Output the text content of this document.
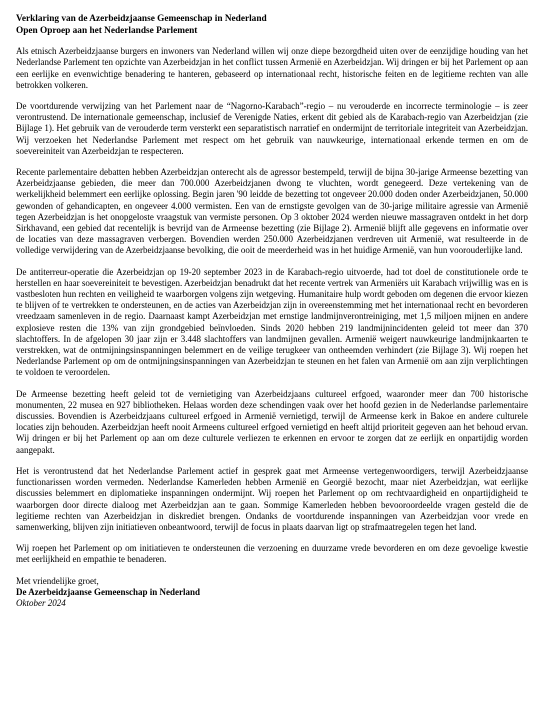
Verklaring van de Azerbeidzjaanse Gemeenschap in Nederland
Open Oproep aan het Nederlandse Parlement

Als etnisch Azerbeidzjaanse burgers en inwoners van Nederland willen wij onze diepe bezorgdheid uiten over de eenzijdige houding van het Nederlandse Parlement ten opzichte van Azerbeidzjan in het conflict tussen Armenië en Azerbeidzjan. Wij dringen er bij het Parlement op aan een eerlijke en evenwichtige benadering te hanteren, gebaseerd op internationaal recht, historische feiten en de legitieme rechten van alle betrokken volkeren.

De voortdurende verwijzing van het Parlement naar de “Nagorno-Karabach”-regio – nu verouderde en incorrecte terminologie – is zeer verontrustend. De internationale gemeenschap, inclusief de Verenigde Naties, erkent dit gebied als de Karabach-regio van Azerbeidzjan (zie Bijlage 1). Het gebruik van de verouderde term versterkt een separatistisch narratief en ondermijnt de territoriale integriteit van Azerbeidzjan. Wij verzoeken het Nederlandse Parlement met respect om het gebruik van nauwkeurige, internationaal erkende termen en om de soevereiniteit van Azerbeidzjan te respecteren.

Recente parlementaire debatten hebben Azerbeidzjan onterecht als de agressor bestempeld, terwijl de bijna 30-jarige Armeense bezetting van Azerbeidzjaanse gebieden, die meer dan 700.000 Azerbeidzjanen dwong te vluchten, wordt genegeerd. Deze vertekening van de werkelijkheid belemmert een eerlijke oplossing. Begin jaren '90 leidde de bezetting tot ongeveer 20.000 doden onder Azerbeidzjanen, 50.000 gewonden of gehandicapten, en ongeveer 4.000 vermisten. Een van de ernstigste gevolgen van de 30-jarige militaire agressie van Armenië tegen Azerbeidzjan is het onopgeloste vraagstuk van vermiste personen. Op 3 oktober 2024 werden nieuwe massagraven ontdekt in het dorp Sirkhavand, een gebied dat recentelijk is bevrijd van de Armeense bezetting (zie Bijlage 2). Armenië blijft alle gegevens en informatie over de locaties van deze massagraven verbergen. Bovendien werden 250.000 Azerbeidzjanen verdreven uit Armenië, wat resulteerde in de volledige verwijdering van de Azerbeidzjaanse bevolking, die ooit de meerderheid was in het huidige Armenië, van hun voorouderlijke land.

De antiterreur-operatie die Azerbeidzjan op 19-20 september 2023 in de Karabach-regio uitvoerde, had tot doel de constitutionele orde te herstellen en haar soevereiniteit te bevestigen. Azerbeidzjan benadrukt dat het recente vertrek van Armeniërs uit Karabach vrijwillig was en is vastbesloten hun rechten en veiligheid te waarborgen volgens zijn wetgeving. Humanitaire hulp wordt geboden om degenen die ervoor kiezen te blijven of te vertrekken te ondersteunen, en de acties van Azerbeidzjan zijn in overeenstemming met het internationaal recht en bevorderen vreedzaam samenleven in de regio. Daarnaast kampt Azerbeidzjan met ernstige landmijnverontreiniging, met 1,5 miljoen mijnen en andere explosieve resten die 13% van zijn grondgebied beïnvloeden. Sinds 2020 hebben 219 landmijnincidenten geleid tot meer dan 370 slachtoffers. In de afgelopen 30 jaar zijn er 3.448 slachtoffers van landmijnen gevallen. Armenië weigert nauwkeurige landmijnkaarten te verstrekken, wat de ontmijningsinspanningen belemmert en de veilige terugkeer van ontheemden verhindert (zie Bijlage 3). Wij roepen het Nederlandse Parlement op om de ontmijningsinspanningen van Azerbeidzjan te steunen en het falen van Armenië om aan zijn verplichtingen te voldoen te veroordelen.

De Armeense bezetting heeft geleid tot de vernietiging van Azerbeidzjaans cultureel erfgoed, waaronder meer dan 700 historische monumenten, 22 musea en 927 bibliotheken. Helaas worden deze schendingen vaak over het hoofd gezien in de Nederlandse parlementaire discussies. Bovendien is Azerbeidzjaans cultureel erfgoed in Armenië vernietigd, terwijl de Armeense kerk in Bakoe en andere culturele locaties zijn behouden. Azerbeidzjan heeft nooit Armeens cultureel erfgoed vernietigd en heeft altijd prioriteit gegeven aan het behoud ervan. Wij dringen er bij het Parlement op aan om deze culturele verliezen te erkennen en ervoor te zorgen dat ze eerlijk en onpartijdig worden aangepakt.

Het is verontrustend dat het Nederlandse Parlement actief in gesprek gaat met Armeense vertegenwoordigers, terwijl Azerbeidzjaanse functionarissen worden vermeden. Nederlandse Kamerleden hebben Armenië en Georgië bezocht, maar niet Azerbeidzjan, wat eerlijke discussies belemmert en diplomatieke inspanningen ondermijnt. Wij roepen het Parlement op om rechtvaardigheid en onpartijdigheid te waarborgen door directe dialoog met Azerbeidzjan aan te gaan. Sommige Kamerleden hebben bevooroordeelde vragen gesteld die de legitieme rechten van Azerbeidzjan in diskrediet brengen. Ondanks de voortdurende inspanningen van Azerbeidzjan voor vrede en samenwerking, blijven zijn initiatieven onbeantwoord, terwijl de focus in plaats daarvan ligt op strafmaatregelen tegen het land.

Wij roepen het Parlement op om initiatieven te ondersteunen die verzoening en duurzame vrede bevorderen en om deze gevoelige kwestie met eerlijkheid en empathie te benaderen.

Met vriendelijke groet,
De Azerbeidzjaanse Gemeenschap in Nederland
Oktober 2024
